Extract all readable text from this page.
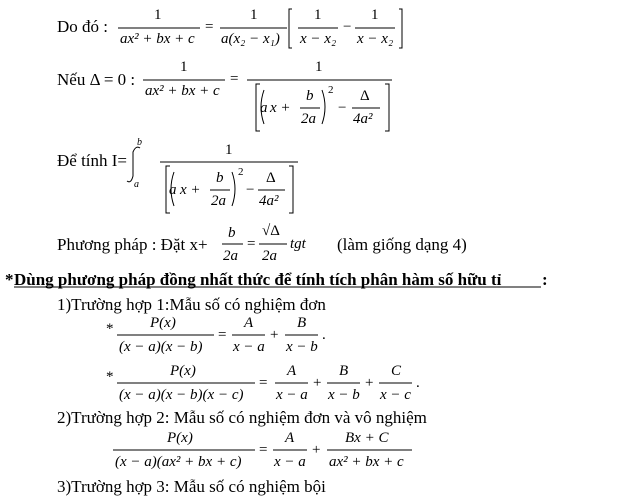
Do đó :
1
ax² + bx + c
=
1
a(x₂ − x₁)
1
x − x₂
−
1
x − x₂
Nếu Δ = 0 :
1
ax² + bx + c
=
1
a x +
b
2a
2
−
Δ
4a²
Để tính I=
b
a
1
a x +
b
2a
2
−
Δ
4a²
Phương pháp : Đặt x+
b
2a
=
√Δ
2a
tgt (làm giống dạng 4)
* Dùng phương pháp đồng nhất thức để tính tích phân hàm số hữu tỉ :
1)Trường hợp 1:Mẫu số có nghiệm đơn
* P(x)
(x − a)(x − b)
=
A
x − a
+
B
x − b
.
*	P(x)
(x − a)(x − b)(x − c)
=
A
x − a
+
B
x − b
+
C
x − c
.
2)Trường hợp 2: Mẫu số có nghiệm đơn và vô nghiệm
P(x)
(x − a)(ax² + bx + c)
=
A
x − a
+
Bx + C
ax² + bx + c
3)Trường hợp 3: Mẫu số có nghiệm bội
